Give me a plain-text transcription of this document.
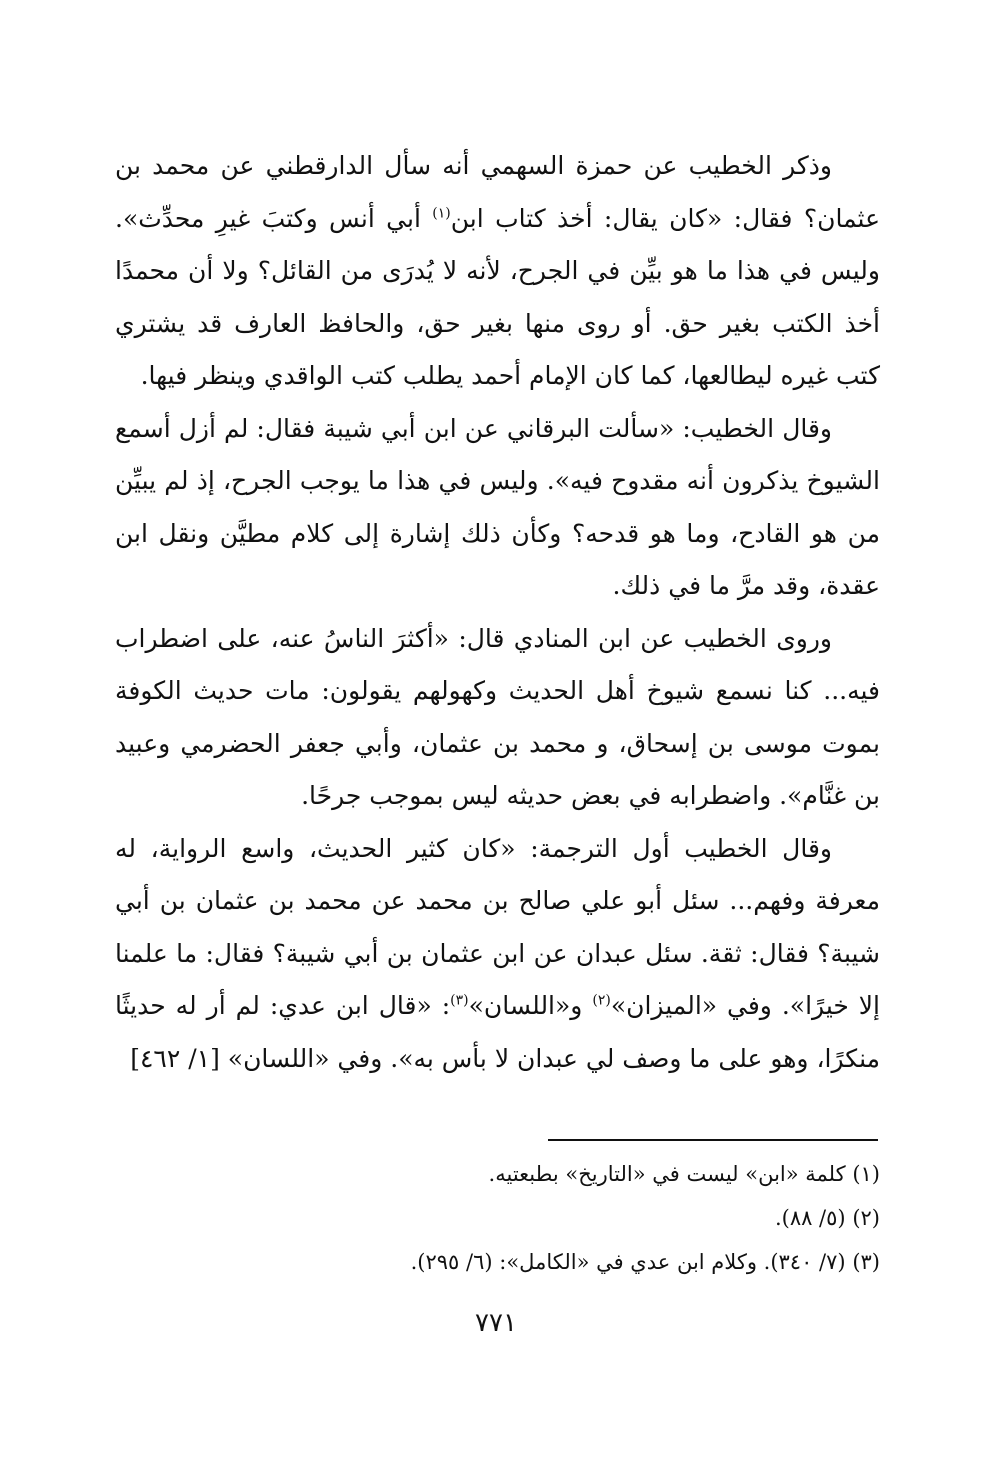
وذكر الخطيب عن حمزة السهمي أنه سأل الدارقطني عن محمد بن عثمان؟ فقال: «كان يقال: أخذ كتاب ابن$^{(١)}$ أبي أنس وكتبَ غيرِ محدِّث». وليس في هذا ما هو بيِّن في الجرح، لأنه لا يُدرَى من القائل؟ ولا أن محمدًا أخذ الكتب بغير حق. أو روى منها بغير حق، والحافظ العارف قد يشتري كتب غيره ليطالعها، كما كان الإمام أحمد يطلب كتب الواقدي وينظر فيها.

وقال الخطيب: «سألت البرقاني عن ابن أبي شيبة فقال: لم أزل أسمع الشيوخ يذكرون أنه مقدوح فيه». وليس في هذا ما يوجب الجرح، إذ لم يبيِّن من هو القادح، وما هو قدحه؟ وكأن ذلك إشارة إلى كلام مطيَّن ونقل ابن عقدة، وقد مرَّ ما في ذلك.

وروى الخطيب عن ابن المنادي قال: «أكثرَ الناسُ عنه، على اضطراب فيه... كنا نسمع شيوخ أهل الحديث وكهولهم يقولون: مات حديث الكوفة بموت موسى بن إسحاق، و محمد بن عثمان، وأبي جعفر الحضرمي وعبيد بن غنَّام». واضطرابه في بعض حديثه ليس بموجب جرحًا.

وقال الخطيب أول الترجمة: «كان كثير الحديث، واسع الرواية، له معرفة وفهم... سئل أبو علي صالح بن محمد عن محمد بن عثمان بن أبي شيبة؟ فقال: ثقة. سئل عبدان عن ابن عثمان بن أبي شيبة؟ فقال: ما علمنا إلا خيرًا». وفي «الميزان»$^{(٢)}$ و«اللسان»$^{(٣)}$: «قال ابن عدي: لم أر له حديثًا منكرًا، وهو على ما وصف لي عبدان لا بأس به». وفي «اللسان» [١/ ٤٦٢]

(١) كلمة «ابن» ليست في «التاريخ» بطبعتيه.

(٢) (٥/ ٨٨).

(٣) (٧/ ٣٤٠). وكلام ابن عدي في «الكامل»: (٦/ ٢٩٥).

٧٧١
